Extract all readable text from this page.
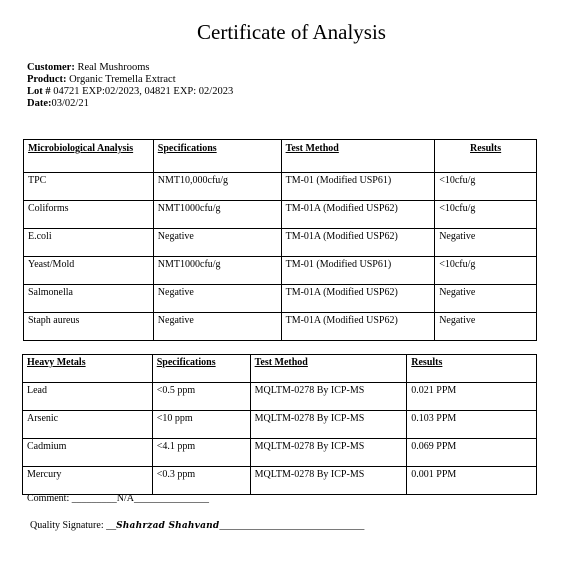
Certificate of Analysis
Customer: Real Mushrooms
Product: Organic Tremella Extract
Lot # 04721 EXP:02/2023, 04821 EXP: 02/2023
Date:03/02/21
Microbiological Analysis	Specifications	Test Method	Results
TPC	NMT10,000cfu/g	TM-01 (Modified USP61)	<10cfu/g
Coliforms	NMT1000cfu/g	TM-01A (Modified USP62)	<10cfu/g
E.coli	Negative	TM-01A (Modified USP62)	Negative
Yeast/Mold	NMT1000cfu/g	TM-01 (Modified USP61)	<10cfu/g
Salmonella	Negative	TM-01A (Modified USP62)	Negative
Staph aureus	Negative	TM-01A (Modified USP62)	Negative
Heavy Metals	Specifications	Test Method	Results
Lead	<0.5 ppm	MQLTM-0278 By ICP-MS	0.021 PPM
Arsenic	<10 ppm	MQLTM-0278 By ICP-MS	0.103 PPM
Cadmium	<4.1 ppm	MQLTM-0278 By ICP-MS	0.069 PPM
Mercury	<0.3 ppm	MQLTM-0278 By ICP-MS	0.001 PPM
Comment: _________N/A_______________
Quality Signature: __Shahrzad Shahvand_____________________________
